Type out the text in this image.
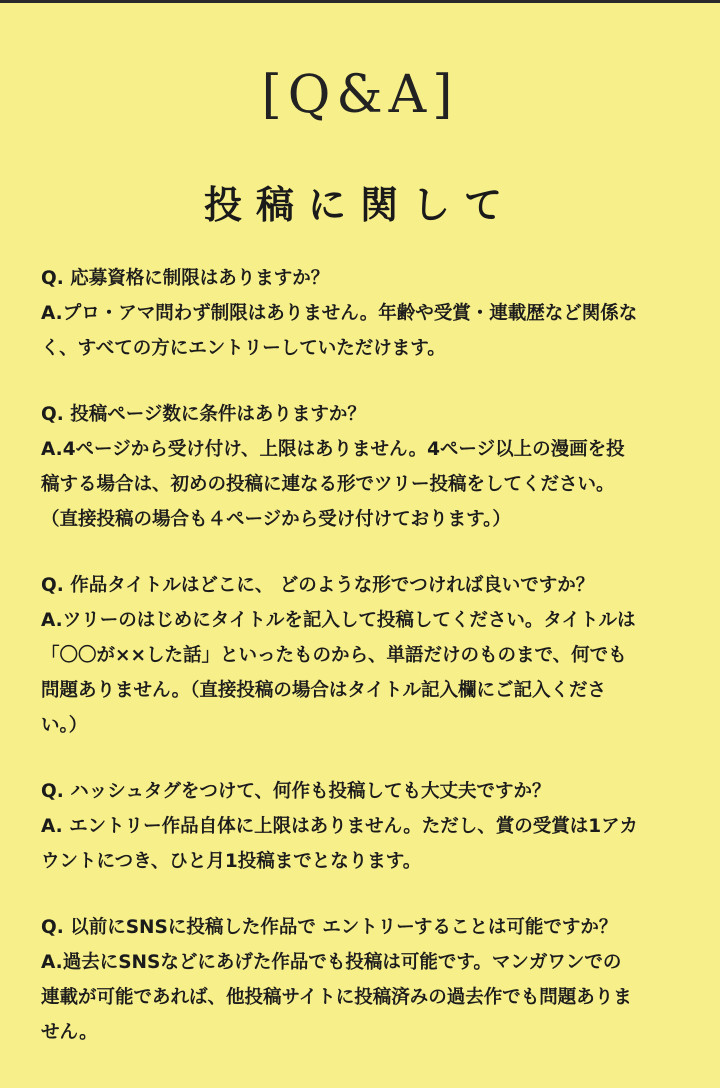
[Q&A]
投稿に関して
Q. 応募資格に制限はありますか？

A.プロ・アマ問わず制限はありません。年齢や受賞・連載歴など関係な
く、すべての方にエントリーしていただけます。

Q. 投稿ページ数に条件はありますか？

A.4ページから受け付け、上限はありません。4ページ以上の漫画を投
稿する場合は、初めの投稿に連なる形でツリー投稿をしてください。
（直接投稿の場合も４ページから受け付けております。）

Q. 作品タイトルはどこに、 どのような形でつければ良いですか？

A.ツリーのはじめにタイトルを記入して投稿してください。タイトルは
「〇〇が××した話」といったものから、単語だけのものまで、何でも
問題ありません。（直接投稿の場合はタイトル記入欄にご記入くださ
い。）

Q. ハッシュタグをつけて、何作も投稿しても大丈夫ですか？

A. エントリー作品自体に上限はありません。ただし、賞の受賞は1アカ
ウントにつき、ひと月1投稿までとなります。

Q. 以前にSNSに投稿した作品で エントリーすることは可能ですか？

A.過去にSNSなどにあげた作品でも投稿は可能です。マンガワンでの
連載が可能であれば、他投稿サイトに投稿済みの過去作でも問題ありま
せん。
